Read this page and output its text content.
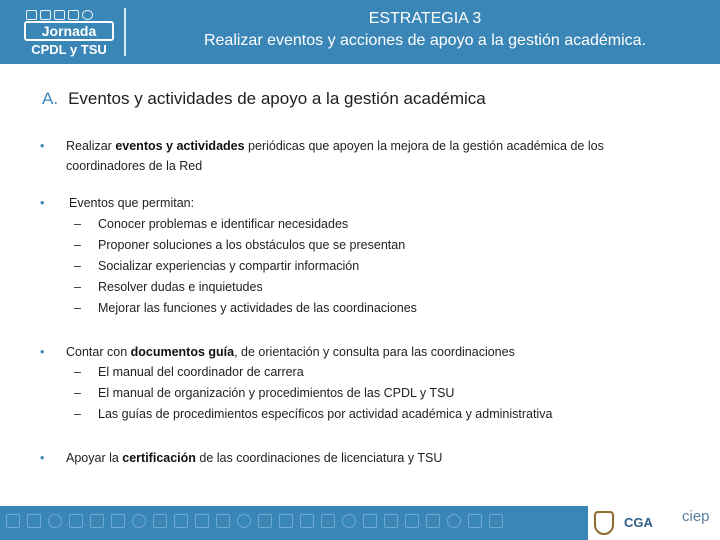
Jornada
CPDL y TSU
ESTRATEGIA 3
Realizar eventos y acciones de apoyo a la gestión académica.
A. Eventos y actividades de apoyo a la gestión académica
•	Realizar eventos y actividades periódicas que apoyen la mejora de la gestión académica de los coordinadores de la Red
•	Eventos que permitan:
–	Conocer problemas e identificar necesidades
–	Proponer soluciones a los obstáculos que se presentan
–	Socializar experiencias y compartir información
–	Resolver dudas e inquietudes
–	Mejorar las funciones y actividades de las coordinaciones
•	Contar con documentos guía, de orientación y consulta para las coordinaciones
–	El manual del coordinador de carrera
–	El manual de organización y procedimientos de las CPDL y TSU
–	Las guías de procedimientos específicos por actividad académica y administrativa
•	Apoyar la certificación de las coordinaciones de licenciatura y TSU
CGA ciep
